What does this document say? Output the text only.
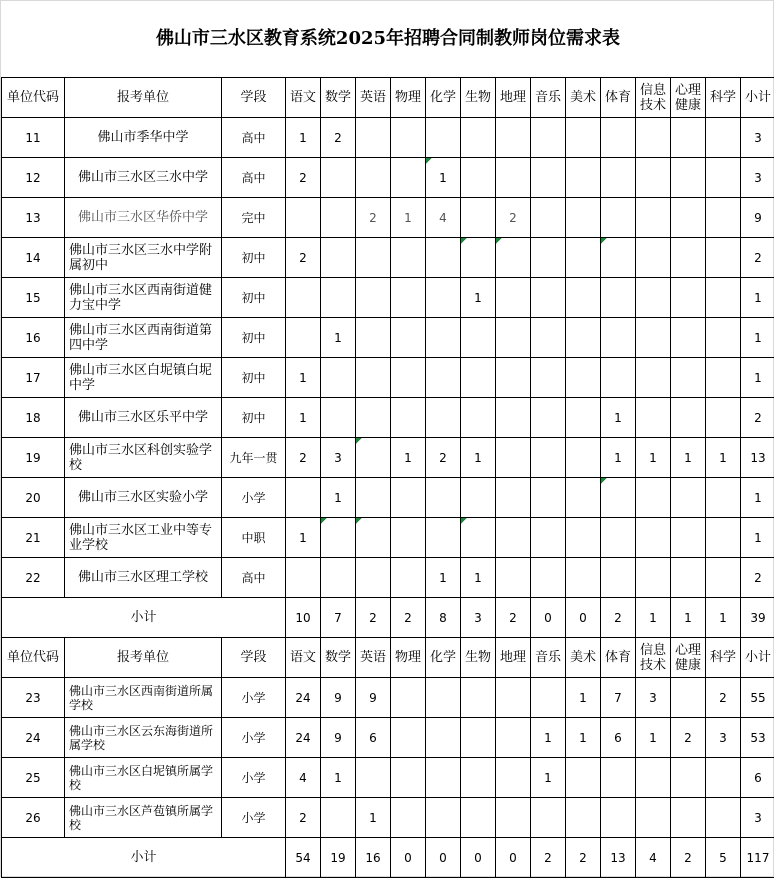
佛山市三水区教育系统2025年招聘合同制教师岗位需求表
单位代码	报考单位	学段	语文	数学	英语	物理	化学	生物	地理	音乐	美术	体育	信息技术	心理健康	科学	小计
11	佛山市季华中学	高中	1	2												3
12	佛山市三水区三水中学	高中	2				1									3
13	佛山市三水区华侨中学	完中			2	1	4		2							9
14	佛山市三水区三水中学附属初中	初中	2													2
15	佛山市三水区西南街道健力宝中学	初中						1								1
16	佛山市三水区西南街道第四中学	初中		1												1
17	佛山市三水区白坭镇白坭中学	初中	1													1
18	佛山市三水区乐平中学	初中	1									1				2
19	佛山市三水区科创实验学校	九年一贯	2	3		1	2	1				1	1	1	1	13
20	佛山市三水区实验小学	小学		1												1
21	佛山市三水区工业中等专业学校	中职	1													1
22	佛山市三水区理工学校	高中					1	1								2
小计			10	7	2	2	8	3	2	0	0	2	1	1	1	39
单位代码	报考单位	学段	语文	数学	英语	物理	化学	生物	地理	音乐	美术	体育	信息技术	心理健康	科学	小计
23	佛山市三水区西南街道所属学校	小学	24	9	9						1	7	3		2	55
24	佛山市三水区云东海街道所属学校	小学	24	9	6					1	1	6	1	2	3	53
25	佛山市三水区白坭镇所属学校	小学	4	1						1						6
26	佛山市三水区芦苞镇所属学校	小学	2		1											3
小计			54	19	16	0	0	0	0	2	2	13	4	2	5	117
